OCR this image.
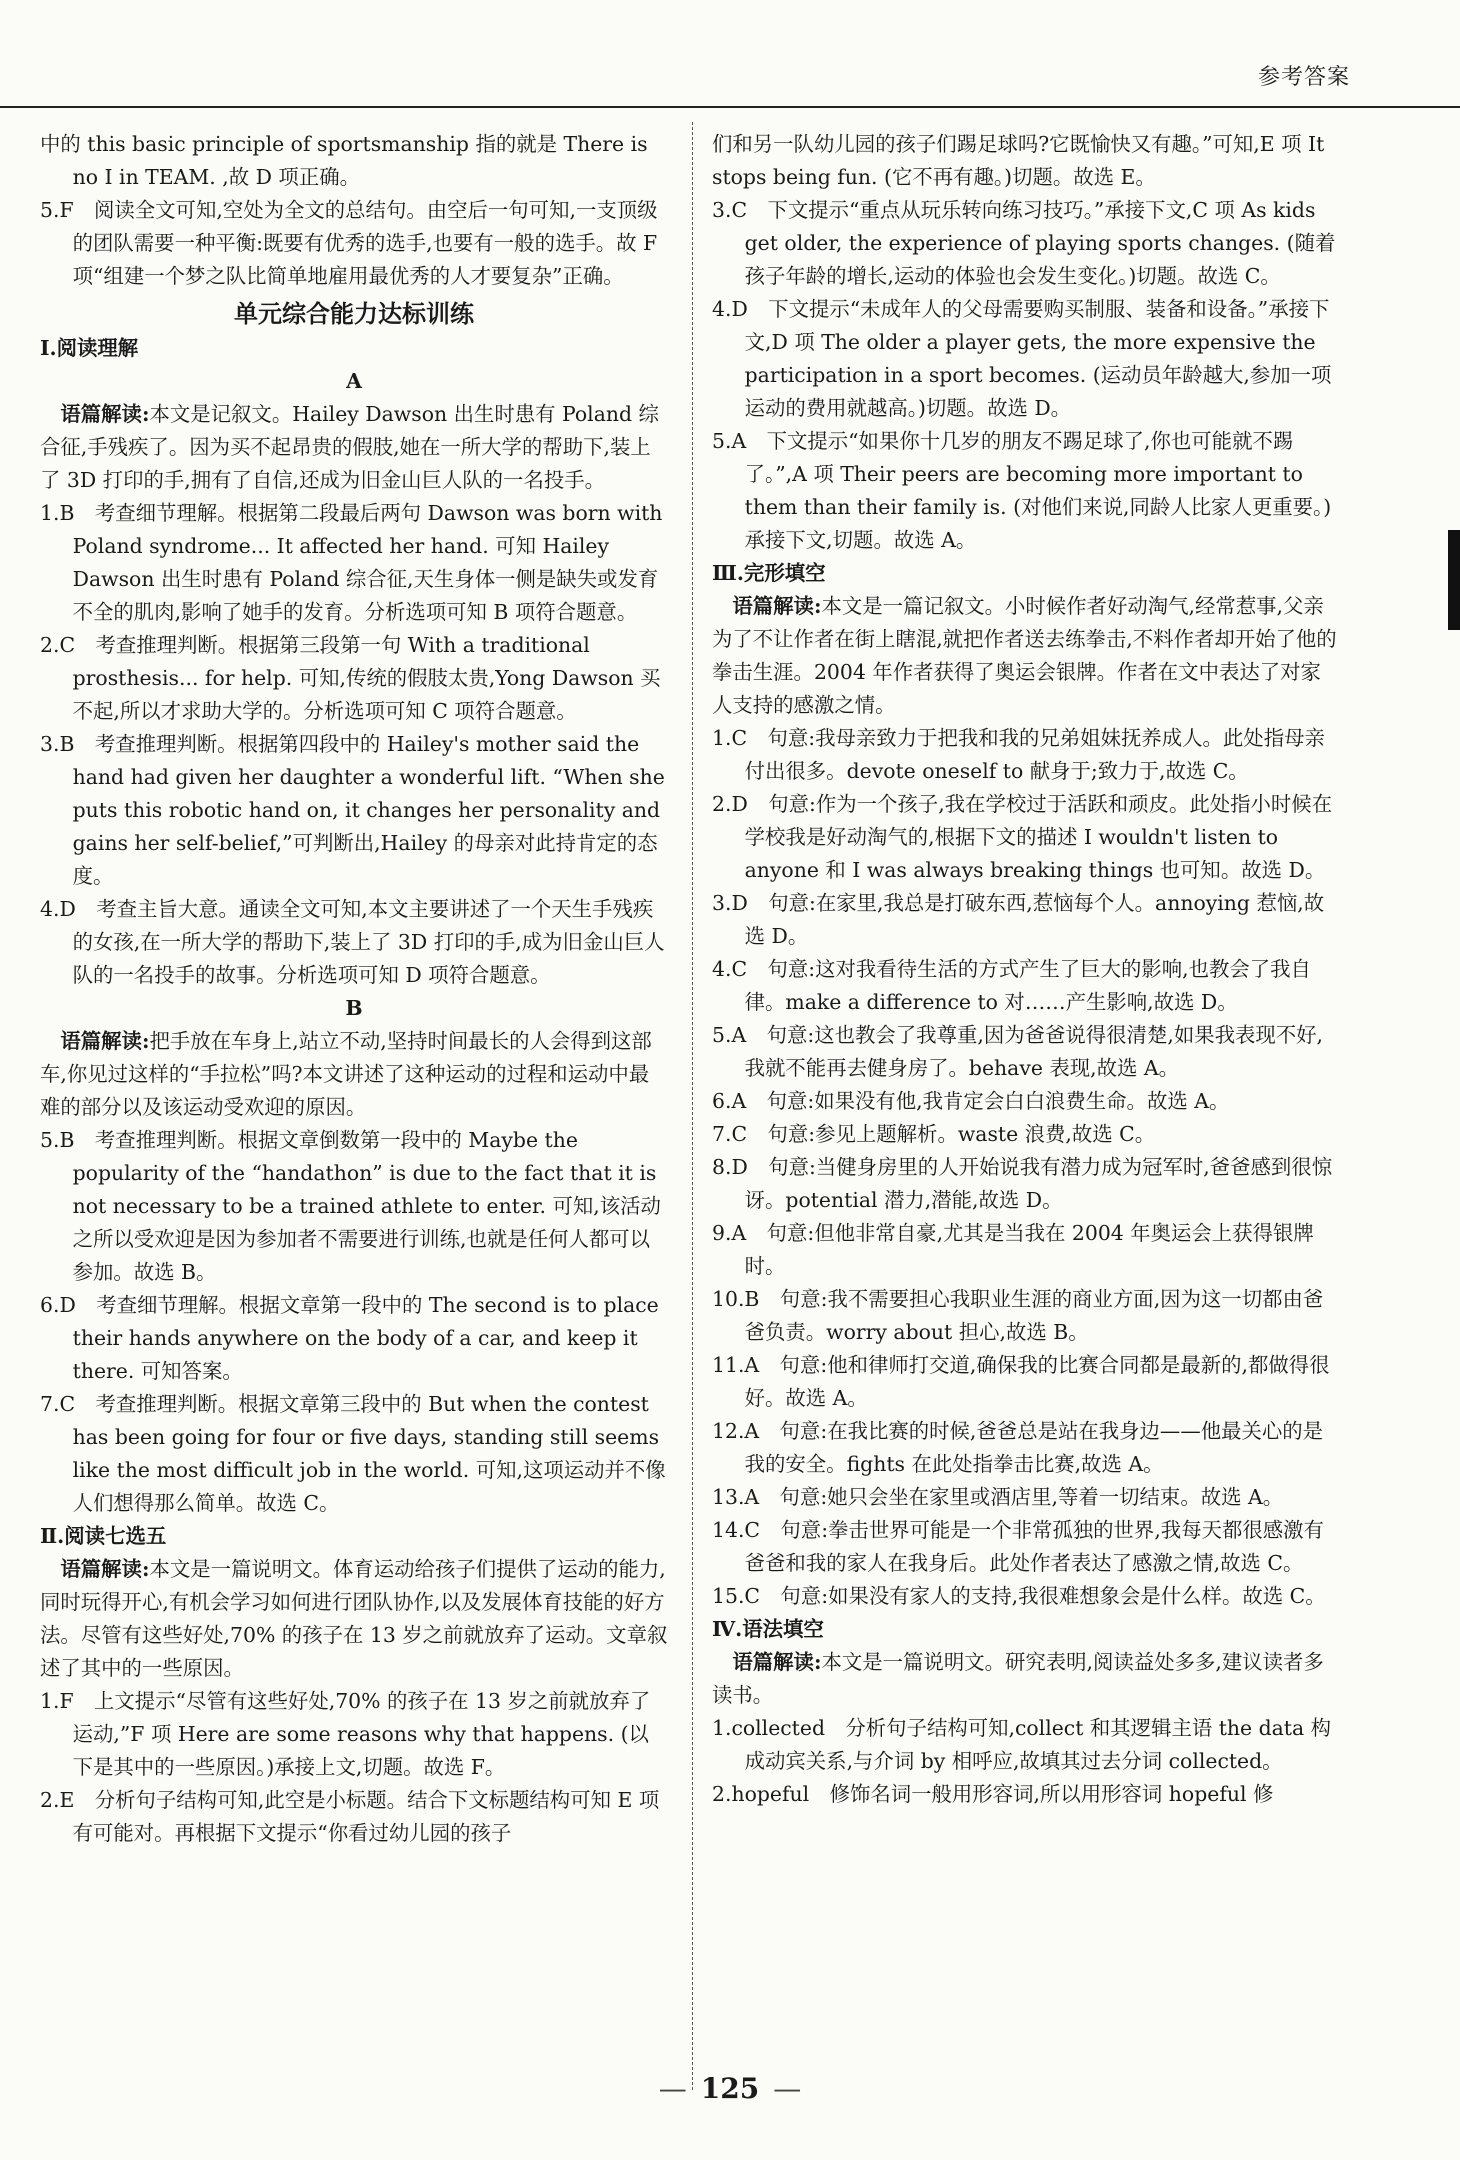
参考答案

中的 this basic principle of sportsmanship 指的就是 There is no I in TEAM. ,故 D 项正确。

5.F　阅读全文可知,空处为全文的总结句。由空后一句可知,一支顶级的团队需要一种平衡:既要有优秀的选手,也要有一般的选手。故 F 项“组建一个梦之队比简单地雇用最优秀的人才要复杂”正确。

单元综合能力达标训练

Ⅰ.阅读理解

A

语篇解读:本文是记叙文。Hailey Dawson 出生时患有 Poland 综合征,手残疾了。因为买不起昂贵的假肢,她在一所大学的帮助下,装上了 3D 打印的手,拥有了自信,还成为旧金山巨人队的一名投手。

1.B　考查细节理解。根据第二段最后两句 Dawson was born with Poland syndrome... It affected her hand. 可知 Hailey Dawson 出生时患有 Poland 综合征,天生身体一侧是缺失或发育不全的肌肉,影响了她手的发育。分析选项可知 B 项符合题意。

2.C　考查推理判断。根据第三段第一句 With a traditional prosthesis... for help. 可知,传统的假肢太贵,Yong Dawson 买不起,所以才求助大学的。分析选项可知 C 项符合题意。

3.B　考查推理判断。根据第四段中的 Hailey's mother said the hand had given her daughter a wonderful lift. “When she puts this robotic hand on, it changes her personality and gains her self-belief,”可判断出,Hailey 的母亲对此持肯定的态度。

4.D　考查主旨大意。通读全文可知,本文主要讲述了一个天生手残疾的女孩,在一所大学的帮助下,装上了 3D 打印的手,成为旧金山巨人队的一名投手的故事。分析选项可知 D 项符合题意。

B

语篇解读:把手放在车身上,站立不动,坚持时间最长的人会得到这部车,你见过这样的“手拉松”吗?本文讲述了这种运动的过程和运动中最难的部分以及该运动受欢迎的原因。

5.B　考查推理判断。根据文章倒数第一段中的 Maybe the popularity of the “handathon” is due to the fact that it is not necessary to be a trained athlete to enter. 可知,该活动之所以受欢迎是因为参加者不需要进行训练,也就是任何人都可以参加。故选 B。

6.D　考查细节理解。根据文章第一段中的 The second is to place their hands anywhere on the body of a car, and keep it there. 可知答案。

7.C　考查推理判断。根据文章第三段中的 But when the contest has been going for four or five days, standing still seems like the most difficult job in the world. 可知,这项运动并不像人们想得那么简单。故选 C。

Ⅱ.阅读七选五

语篇解读:本文是一篇说明文。体育运动给孩子们提供了运动的能力,同时玩得开心,有机会学习如何进行团队协作,以及发展体育技能的好方法。尽管有这些好处,70% 的孩子在 13 岁之前就放弃了运动。文章叙述了其中的一些原因。

1.F　上文提示“尽管有这些好处,70% 的孩子在 13 岁之前就放弃了运动,”F 项 Here are some reasons why that happens. (以下是其中的一些原因。)承接上文,切题。故选 F。

2.E　分析句子结构可知,此空是小标题。结合下文标题结构可知 E 项有可能对。再根据下文提示“你看过幼儿园的孩子

们和另一队幼儿园的孩子们踢足球吗?它既愉快又有趣。”可知,E 项 It stops being fun. (它不再有趣。)切题。故选 E。

3.C　下文提示“重点从玩乐转向练习技巧。”承接下文,C 项 As kids get older, the experience of playing sports changes. (随着孩子年龄的增长,运动的体验也会发生变化。)切题。故选 C。

4.D　下文提示“未成年人的父母需要购买制服、装备和设备。”承接下文,D 项 The older a player gets, the more expensive the participation in a sport becomes. (运动员年龄越大,参加一项运动的费用就越高。)切题。故选 D。

5.A　下文提示“如果你十几岁的朋友不踢足球了,你也可能就不踢了。”,A 项 Their peers are becoming more important to them than their family is. (对他们来说,同龄人比家人更重要。)承接下文,切题。故选 A。

Ⅲ.完形填空

语篇解读:本文是一篇记叙文。小时候作者好动淘气,经常惹事,父亲为了不让作者在街上瞎混,就把作者送去练拳击,不料作者却开始了他的拳击生涯。2004 年作者获得了奥运会银牌。作者在文中表达了对家人支持的感激之情。

1.C　句意:我母亲致力于把我和我的兄弟姐妹抚养成人。此处指母亲付出很多。devote oneself to 献身于;致力于,故选 C。

2.D　句意:作为一个孩子,我在学校过于活跃和顽皮。此处指小时候在学校我是好动淘气的,根据下文的描述 I wouldn't listen to anyone 和 I was always breaking things 也可知。故选 D。

3.D　句意:在家里,我总是打破东西,惹恼每个人。annoying 惹恼,故选 D。

4.C　句意:这对我看待生活的方式产生了巨大的影响,也教会了我自律。make a difference to 对……产生影响,故选 D。

5.A　句意:这也教会了我尊重,因为爸爸说得很清楚,如果我表现不好,我就不能再去健身房了。behave 表现,故选 A。

6.A　句意:如果没有他,我肯定会白白浪费生命。故选 A。

7.C　句意:参见上题解析。waste 浪费,故选 C。

8.D　句意:当健身房里的人开始说我有潜力成为冠军时,爸爸感到很惊讶。potential 潜力,潜能,故选 D。

9.A　句意:但他非常自豪,尤其是当我在 2004 年奥运会上获得银牌时。

10.B　句意:我不需要担心我职业生涯的商业方面,因为这一切都由爸爸负责。worry about 担心,故选 B。

11.A　句意:他和律师打交道,确保我的比赛合同都是最新的,都做得很好。故选 A。

12.A　句意:在我比赛的时候,爸爸总是站在我身边——他最关心的是我的安全。fights 在此处指拳击比赛,故选 A。

13.A　句意:她只会坐在家里或酒店里,等着一切结束。故选 A。

14.C　句意:拳击世界可能是一个非常孤独的世界,我每天都很感激有爸爸和我的家人在我身后。此处作者表达了感激之情,故选 C。

15.C　句意:如果没有家人的支持,我很难想象会是什么样。故选 C。

Ⅳ.语法填空

语篇解读:本文是一篇说明文。研究表明,阅读益处多多,建议读者多读书。

1.collected　分析句子结构可知,collect 和其逻辑主语 the data 构成动宾关系,与介词 by 相呼应,故填其过去分词 collected。

2.hopeful　修饰名词一般用形容词,所以用形容词 hopeful 修

— 125 —
